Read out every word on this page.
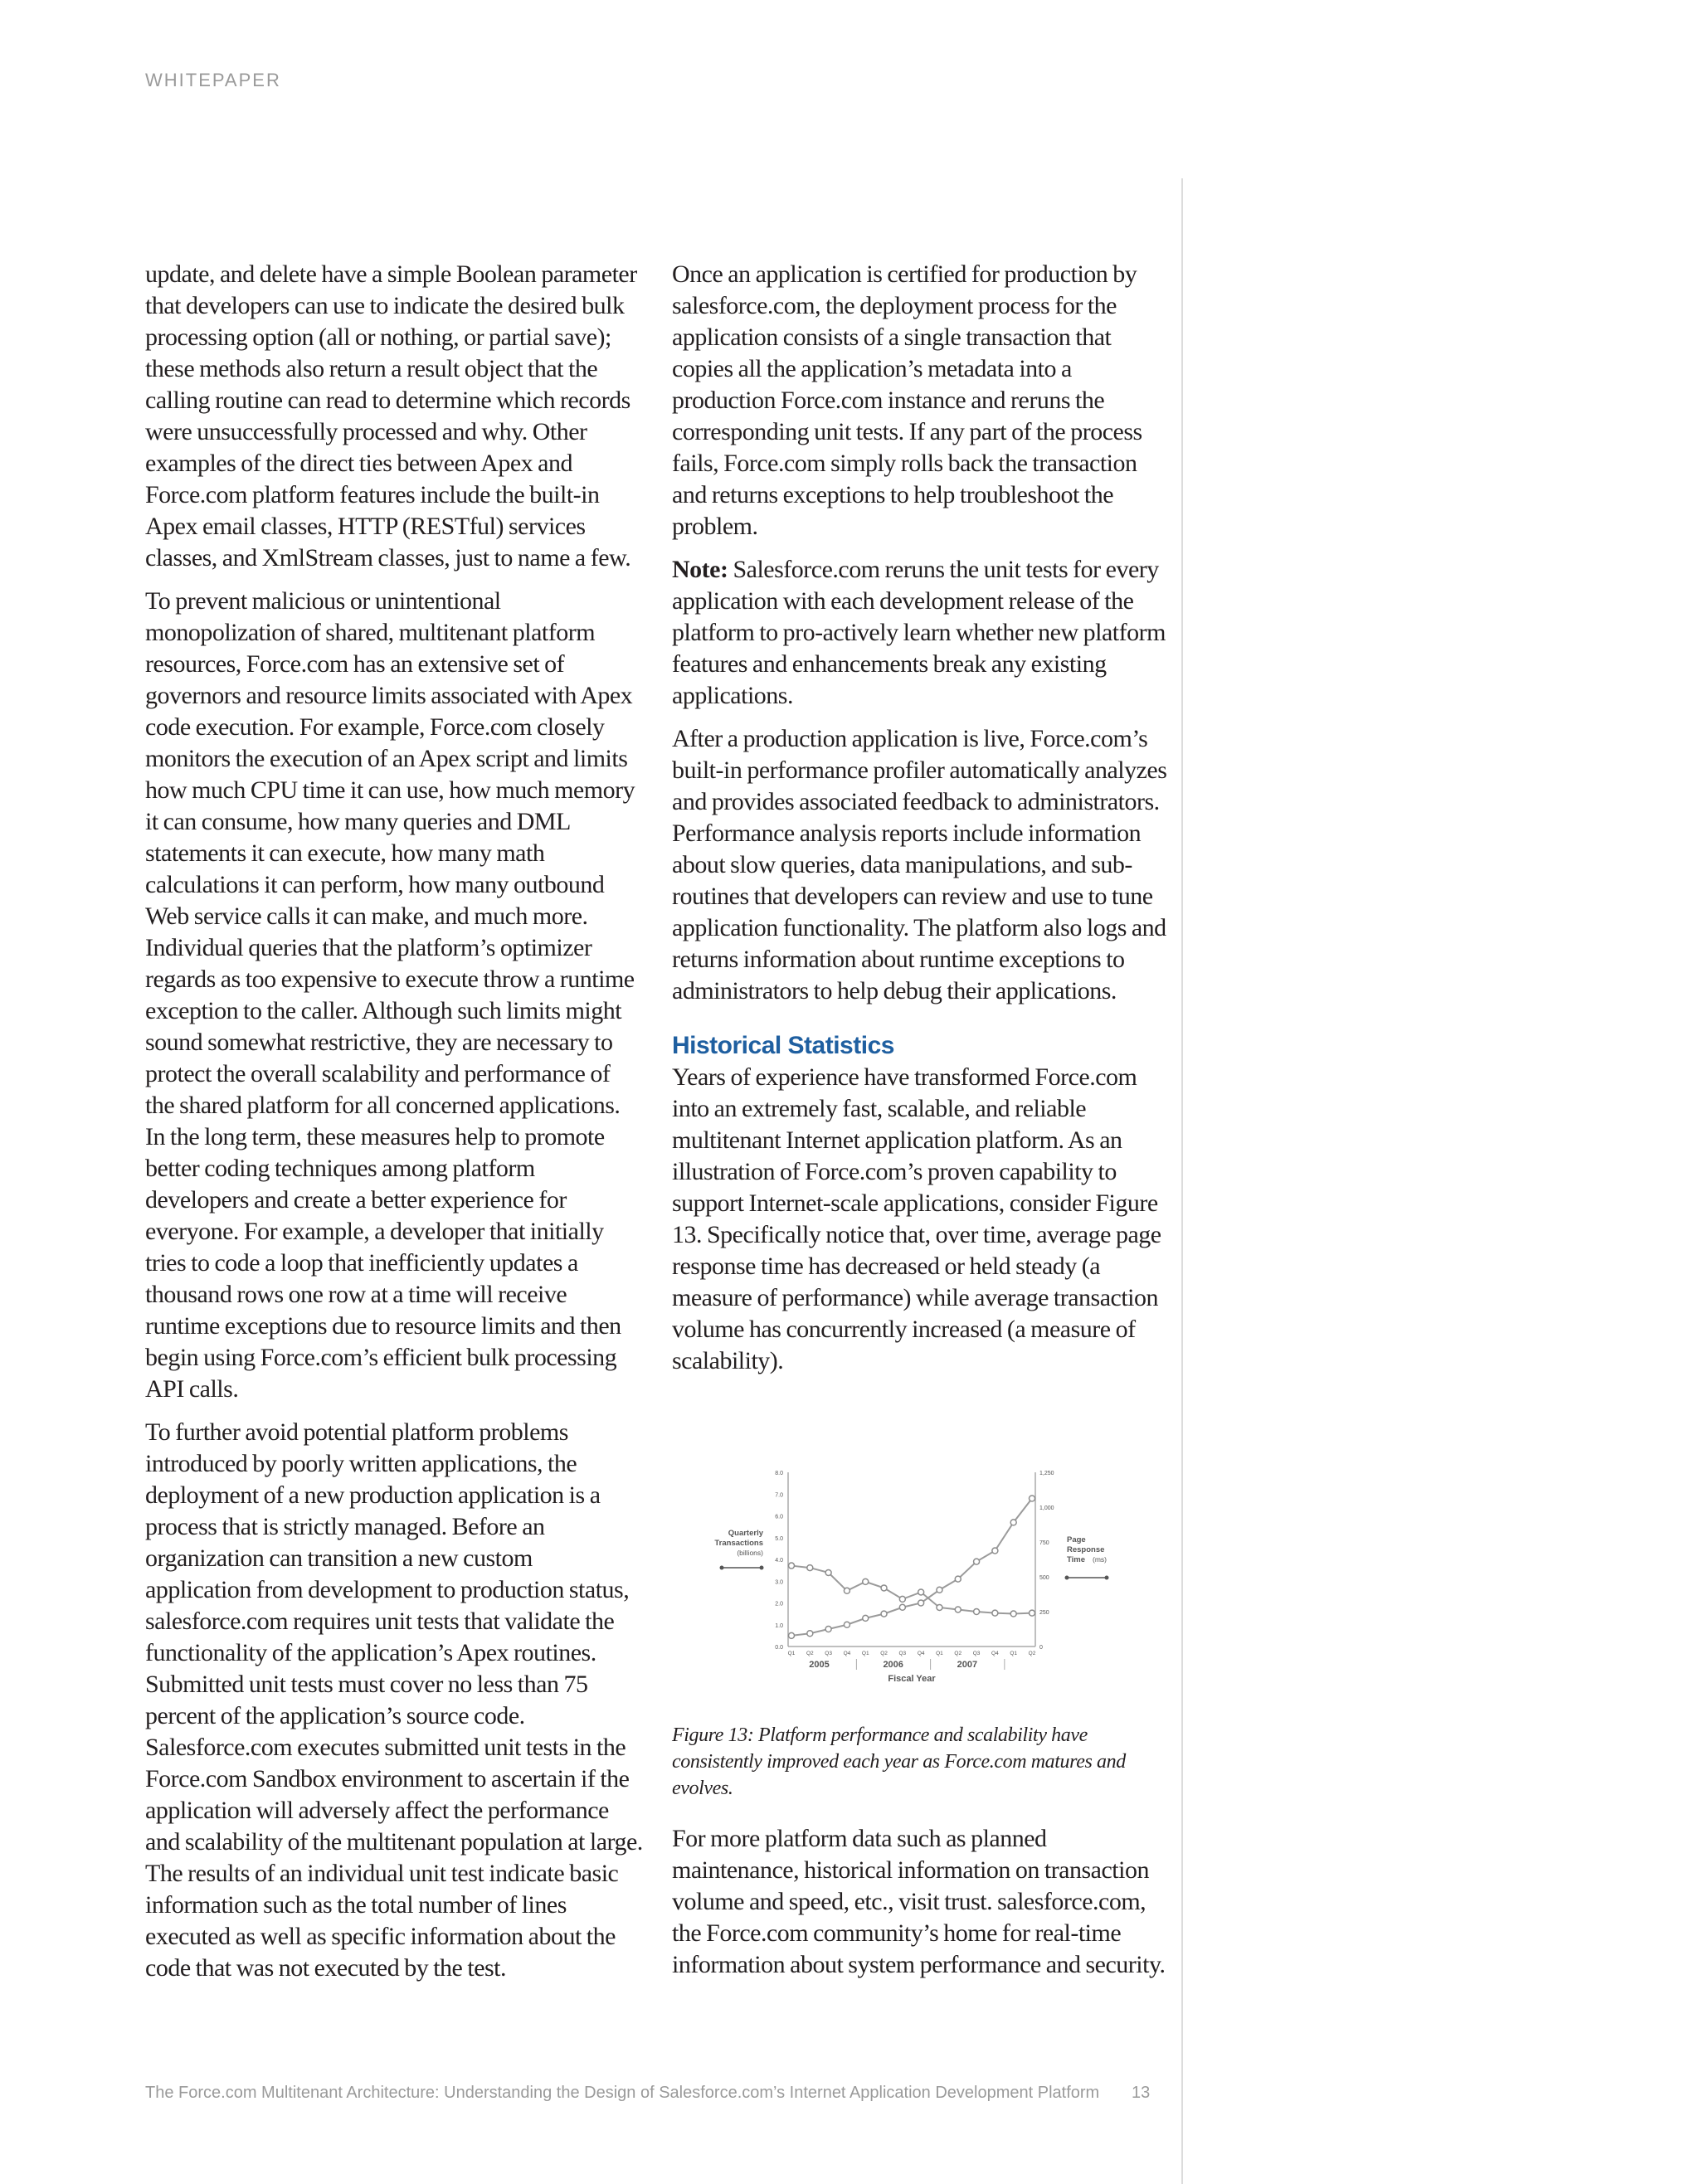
WHITEPAPER

update, and delete have a simple Boolean parameter that developers can use to indicate the desired bulk processing option (all or nothing, or partial save); these methods also return a result object that the calling routine can read to determine which records were unsuccessfully processed and why. Other examples of the direct ties between Apex and Force.com platform features include the built-in Apex email classes, HTTP (RESTful) services classes, and XmlStream classes, just to name a few.

To prevent malicious or unintentional monopolization of shared, multitenant platform resources, Force.com has an extensive set of governors and resource limits associated with Apex code execution. For example, Force.com closely monitors the execution of an Apex script and limits how much CPU time it can use, how much memory it can consume, how many queries and DML statements it can execute, how many math calculations it can perform, how many outbound Web service calls it can make, and much more. Individual queries that the platform’s optimizer regards as too expensive to execute throw a runtime exception to the caller. Although such limits might sound somewhat restrictive, they are necessary to protect the overall scalability and performance of the shared platform for all concerned applications. In the long term, these measures help to promote better coding techniques among platform developers and create a better experience for everyone. For example, a developer that initially tries to code a loop that inefficiently updates a thousand rows one row at a time will receive runtime exceptions due to resource limits and then begin using Force.com’s efficient bulk processing API calls.

To further avoid potential platform problems introduced by poorly written applications, the deployment of a new production application is a process that is strictly managed. Before an organization can transition a new custom application from development to production status, salesforce.com requires unit tests that validate the functionality of the application’s Apex routines. Submitted unit tests must cover no less than 75 percent of the application’s source code. Salesforce.com executes submitted unit tests in the Force.com Sandbox environment to ascertain if the application will adversely affect the performance and scalability of the multitenant population at large. The results of an individual unit test indicate basic information such as the total number of lines executed as well as specific information about the code that was not executed by the test.

Once an application is certified for production by salesforce.com, the deployment process for the application consists of a single transaction that copies all the application’s metadata into a production Force.com instance and reruns the corresponding unit tests. If any part of the process fails, Force.com simply rolls back the transaction and returns exceptions to help troubleshoot the problem.

Note: Salesforce.com reruns the unit tests for every application with each development release of the platform to pro-actively learn whether new platform features and enhancements break any existing applications.

After a production application is live, Force.com’s built-in performance profiler automatically analyzes and provides associated feedback to administrators. Performance analysis reports include information about slow queries, data manipulations, and sub-routines that developers can review and use to tune application functionality. The platform also logs and returns information about runtime exceptions to administrators to help debug their applications.

Historical Statistics

Years of experience have transformed Force.com into an extremely fast, scalable, and reliable multitenant Internet application platform. As an illustration of Force.com’s proven capability to support Internet-scale applications, consider Figure 13. Specifically notice that, over time, average page response time has decreased or held steady (a measure of performance) while average transaction volume has concurrently increased (a measure of scalability).

0.0
1.0
2.0
3.0
4.0
5.0
6.0
7.0
8.0
0
250
500
750
1,000
1,250
Q1 Q2 Q3 Q4 Q1 Q2 Q3 Q4 Q1 Q2 Q3 Q4 Q1 Q2
2005	2006	2007
Fiscal Year
Quarterly
Transactions
(billions)
Page
Response
Time (ms)
Figure 13: Platform performance and scalability have consistently improved each year as Force.com matures and evolves.

For more platform data such as planned maintenance, historical information on transaction volume and speed, etc., visit trust. salesforce.com, the Force.com community’s home for real-time information about system performance and security.

The Force.com Multitenant Architecture: Understanding the Design of Salesforce.com’s Internet Application Development Platform 13
